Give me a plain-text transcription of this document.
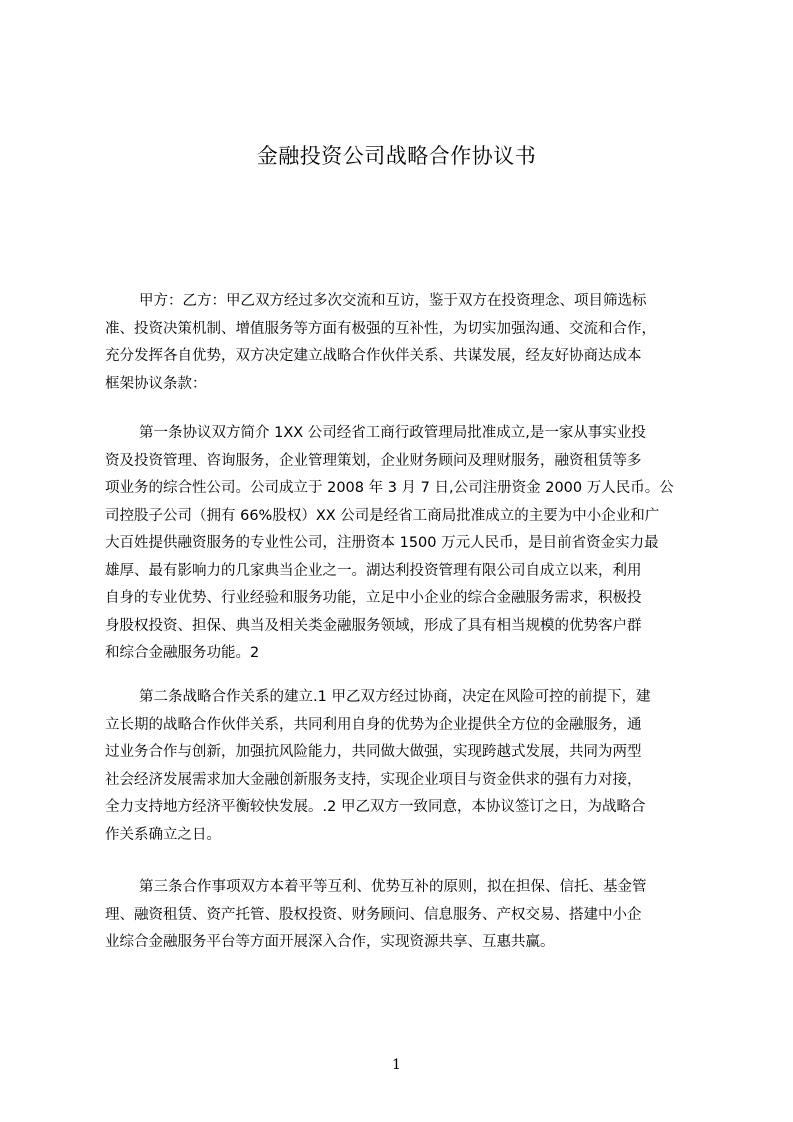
金融投资公司战略合作协议书

甲方：乙方：甲乙双方经过多次交流和互访，鉴于双方在投资理念、项目筛选标
准、投资决策机制、增值服务等方面有极强的互补性，为切实加强沟通、交流和合作，
充分发挥各自优势，双方决定建立战略合作伙伴关系、共谋发展，经友好协商达成本
框架协议条款：

第一条协议双方简介 1XX 公司经省工商行政管理局批准成立,是一家从事实业投
资及投资管理、咨询服务，企业管理策划，企业财务顾问及理财服务，融资租赁等多
项业务的综合性公司。公司成立于 2008 年 3 月 7 日,公司注册资金 2000 万人民币。公
司控股子公司（拥有 66%股权）XX 公司是经省工商局批准成立的主要为中小企业和广
大百姓提供融资服务的专业性公司，注册资本 1500 万元人民币，是目前省资金实力最
雄厚、最有影响力的几家典当企业之一。湖达利投资管理有限公司自成立以来，利用
自身的专业优势、行业经验和服务功能，立足中小企业的综合金融服务需求，积极投
身股权投资、担保、典当及相关类金融服务领域，形成了具有相当规模的优势客户群
和综合金融服务功能。2

第二条战略合作关系的建立.1 甲乙双方经过协商，决定在风险可控的前提下，建
立长期的战略合作伙伴关系，共同利用自身的优势为企业提供全方位的金融服务，通
过业务合作与创新，加强抗风险能力，共同做大做强，实现跨越式发展，共同为两型
社会经济发展需求加大金融创新服务支持，实现企业项目与资金供求的强有力对接，
全力支持地方经济平衡较快发展。.2 甲乙双方一致同意，本协议签订之日，为战略合
作关系确立之日。

第三条合作事项双方本着平等互利、优势互补的原则，拟在担保、信托、基金管
理、融资租赁、资产托管、股权投资、财务顾问、信息服务、产权交易、搭建中小企
业综合金融服务平台等方面开展深入合作，实现资源共享、互惠共赢。

1
